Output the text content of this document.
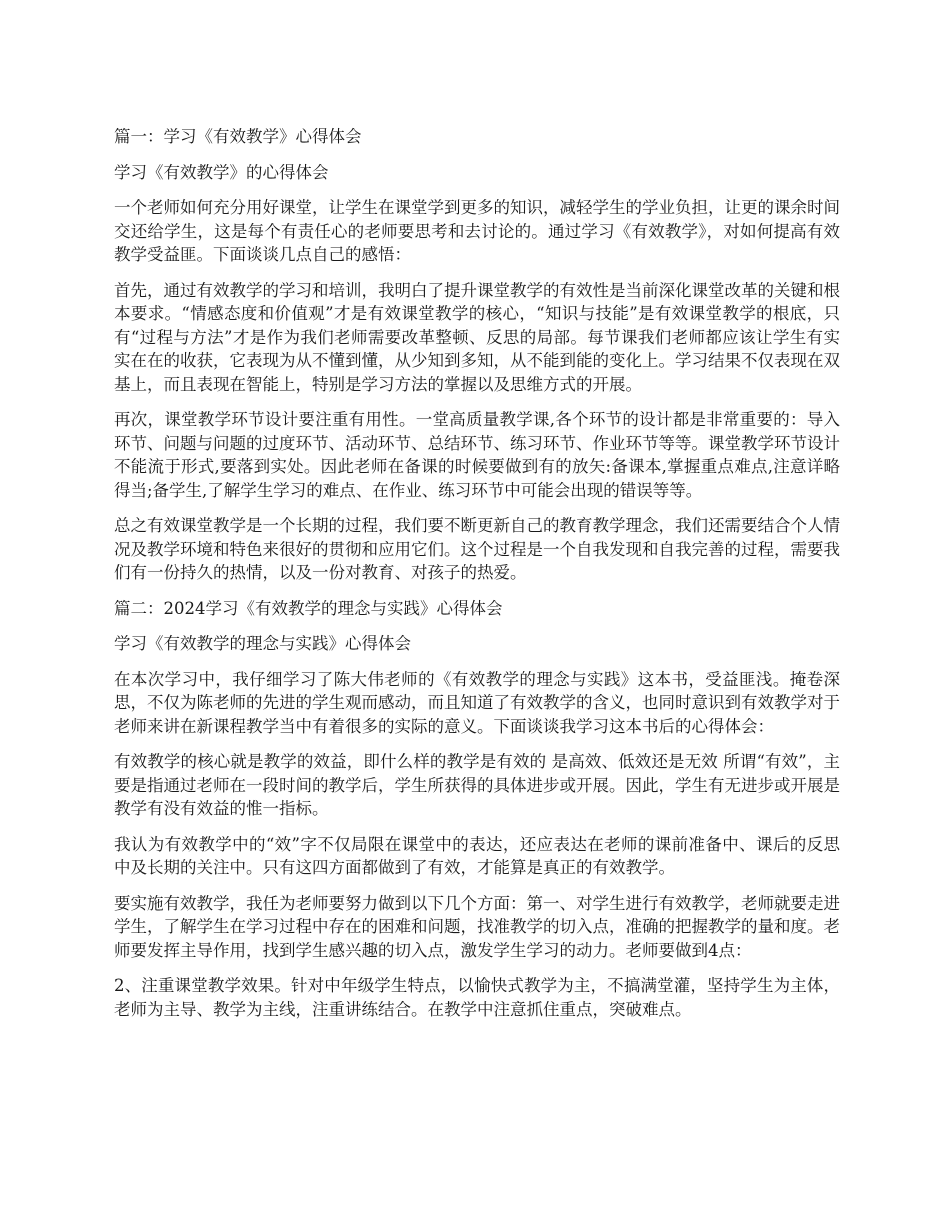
篇一：学习《有效教学》心得体会

学习《有效教学》的心得体会

一个老师如何充分用好课堂，让学生在课堂学到更多的知识，减轻学生的学业负担，让更的课余时间交还给学生，这是每个有责任心的老师要思考和去讨论的。通过学习《有效教学》，对如何提高有效教学受益匪。下面谈谈几点自己的感悟：

首先，通过有效教学的学习和培训，我明白了提升课堂教学的有效性是当前深化课堂改革的关键和根本要求。“情感态度和价值观”才是有效课堂教学的核心，“知识与技能”是有效课堂教学的根底，只有“过程与方法”才是作为我们老师需要改革整顿、反思的局部。每节课我们老师都应该让学生有实实在在的收获，它表现为从不懂到懂，从少知到多知，从不能到能的变化上。学习结果不仅表现在双基上，而且表现在智能上，特别是学习方法的掌握以及思维方式的开展。

再次，课堂教学环节设计要注重有用性。一堂高质量教学课,各个环节的设计都是非常重要的：导入环节、问题与问题的过度环节、活动环节、总结环节、练习环节、作业环节等等。课堂教学环节设计不能流于形式,要落到实处。因此老师在备课的时候要做到有的放矢:备课本,掌握重点难点,注意详略得当;备学生,了解学生学习的难点、在作业、练习环节中可能会出现的错误等等。

总之有效课堂教学是一个长期的过程，我们要不断更新自己的教育教学理念，我们还需要结合个人情况及教学环境和特色来很好的贯彻和应用它们。这个过程是一个自我发现和自我完善的过程，需要我们有一份持久的热情，以及一份对教育、对孩子的热爱。

篇二：2024学习《有效教学的理念与实践》心得体会

学习《有效教学的理念与实践》心得体会

在本次学习中，我仔细学习了陈大伟老师的《有效教学的理念与实践》这本书，受益匪浅。掩卷深思，不仅为陈老师的先进的学生观而感动，而且知道了有效教学的含义，也同时意识到有效教学对于老师来讲在新课程教学当中有着很多的实际的意义。下面谈谈我学习这本书后的心得体会：

有效教学的核心就是教学的效益，即什么样的教学是有效的 是高效、低效还是无效 所谓“有效”，主要是指通过老师在一段时间的教学后，学生所获得的具体进步或开展。因此，学生有无进步或开展是教学有没有效益的惟一指标。

我认为有效教学中的“效”字不仅局限在课堂中的表达，还应表达在老师的课前准备中、课后的反思中及长期的关注中。只有这四方面都做到了有效，才能算是真正的有效教学。

要实施有效教学，我任为老师要努力做到以下几个方面：第一、对学生进行有效教学，老师就要走进学生，了解学生在学习过程中存在的困难和问题，找准教学的切入点，准确的把握教学的量和度。老师要发挥主导作用，找到学生感兴趣的切入点，激发学生学习的动力。老师要做到4点：

2、注重课堂教学效果。针对中年级学生特点，以愉快式教学为主，不搞满堂灌，坚持学生为主体，老师为主导、教学为主线，注重讲练结合。在教学中注意抓住重点，突破难点。
